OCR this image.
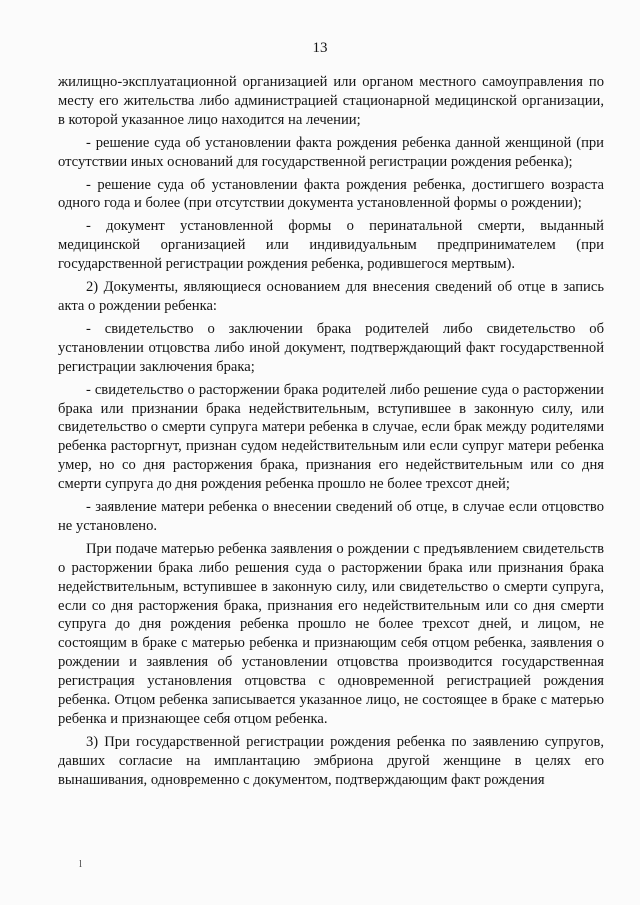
13

жилищно-эксплуатационной организацией или органом местного самоуправления по месту его жительства либо администрацией стационарной медицинской организации, в которой указанное лицо находится на лечении;

- решение суда об установлении факта рождения ребенка данной женщиной (при отсутствии иных оснований для государственной регистрации рождения ребенка);

- решение суда об установлении факта рождения ребенка, достигшего возраста одного года и более (при отсутствии документа установленной формы о рождении);

- документ установленной формы о перинатальной смерти, выданный медицинской организацией или индивидуальным предпринимателем (при государственной регистрации рождения ребенка, родившегося мертвым).

2) Документы, являющиеся основанием для внесения сведений об отце в запись акта о рождении ребенка:

- свидетельство о заключении брака родителей либо свидетельство об установлении отцовства либо иной документ, подтверждающий факт государственной регистрации заключения брака;

- свидетельство о расторжении брака родителей либо решение суда о расторжении брака или признании брака недействительным, вступившее в законную силу, или свидетельство о смерти супруга матери ребенка в случае, если брак между родителями ребенка расторгнут, признан судом недействительным или если супруг матери ребенка умер, но со дня расторжения брака, признания его недействительным или со дня смерти супруга до дня рождения ребенка прошло не более трехсот дней;

- заявление матери ребенка о внесении сведений об отце, в случае если отцовство не установлено.

При подаче матерью ребенка заявления о рождении с предъявлением свидетельств о расторжении брака либо решения суда о расторжении брака или признания брака недействительным, вступившее в законную силу, или свидетельство о смерти супруга, если со дня расторжения брака, признания его недействительным или со дня смерти супруга до дня рождения ребенка прошло не более трехсот дней, и лицом, не состоящим в браке с матерью ребенка и признающим себя отцом ребенка, заявления о рождении и заявления об установлении отцовства производится государственная регистрация установления отцовства с одновременной регистрацией рождения ребенка. Отцом ребенка записывается указанное лицо, не состоящее в браке с матерью ребенка и признающее себя отцом ребенка.

3) При государственной регистрации рождения ребенка по заявлению супругов, давших согласие на имплантацию эмбриона другой женщине в целях его вынашивания, одновременно с документом, подтверждающим факт рождения

l
